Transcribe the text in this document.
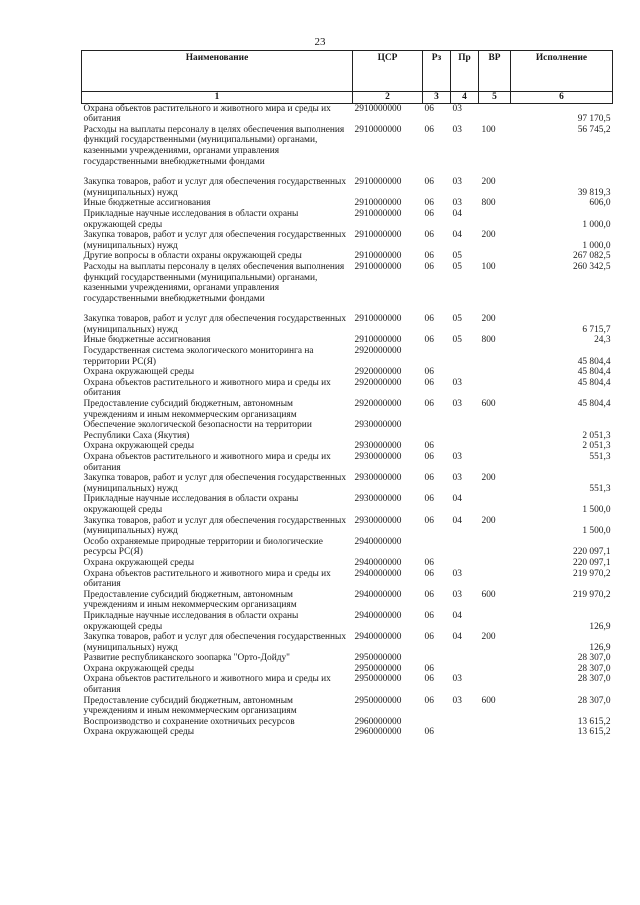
23
Наименование	ЦСР	Рз	Пр	ВР	Исполнение
1	2	3	4	5	6
Охрана объектов растительного и животного мира и среды их обитания	2910000000	06	03		97 170,5
Расходы на выплаты персоналу в целях обеспечения выполнения функций государственными (муниципальными) органами, казенными учреждениями, органами управления государственными внебюджетными фондами	2910000000	06	03	100	56 745,2

Закупка товаров, работ и услуг для обеспечения государственных (муниципальных) нужд	2910000000	06	03	200	39 819,3
Иные бюджетные ассигнования	2910000000	06	03	800	606,0
Прикладные научные исследования в области охраны окружающей среды	2910000000	06	04		1 000,0
Закупка товаров, работ и услуг для обеспечения государственных (муниципальных) нужд	2910000000	06	04	200	1 000,0
Другие вопросы в области охраны окружающей среды	2910000000	06	05		267 082,5
Расходы на выплаты персоналу в целях обеспечения выполнения функций государственными (муниципальными) органами, казенными учреждениями, органами управления государственными внебюджетными фондами	2910000000	06	05	100	260 342,5

Закупка товаров, работ и услуг для обеспечения государственных (муниципальных) нужд	2910000000	06	05	200	6 715,7
Иные бюджетные ассигнования	2910000000	06	05	800	24,3
Государственная система экологического мониторинга на территории РС(Я)	2920000000				45 804,4
Охрана окружающей среды	2920000000	06			45 804,4
Охрана объектов растительного и животного мира и среды их обитания	2920000000	06	03		45 804,4
Предоставление субсидий бюджетным, автономным учреждениям и иным некоммерческим организациям	2920000000	06	03	600	45 804,4
Обеспечение экологической безопасности на территории Республики Саха (Якутия)	2930000000				2 051,3
Охрана окружающей среды	2930000000	06			2 051,3
Охрана объектов растительного и животного мира и среды их обитания	2930000000	06	03		551,3
Закупка товаров, работ и услуг для обеспечения государственных (муниципальных) нужд	2930000000	06	03	200	551,3
Прикладные научные исследования в области охраны окружающей среды	2930000000	06	04		1 500,0
Закупка товаров, работ и услуг для обеспечения государственных (муниципальных) нужд	2930000000	06	04	200	1 500,0
Особо охраняемые природные территории и биологические ресурсы РС(Я)	2940000000				220 097,1
Охрана окружающей среды	2940000000	06			220 097,1
Охрана объектов растительного и животного мира и среды их обитания	2940000000	06	03		219 970,2
Предоставление субсидий бюджетным, автономным учреждениям и иным некоммерческим организациям	2940000000	06	03	600	219 970,2
Прикладные научные исследования в области охраны окружающей среды	2940000000	06	04		126,9
Закупка товаров, работ и услуг для обеспечения государственных (муниципальных) нужд	2940000000	06	04	200	126,9
Развитие республиканского зоопарка "Орто-Дойду"	2950000000				28 307,0
Охрана окружающей среды	2950000000	06			28 307,0
Охрана объектов растительного и животного мира и среды их обитания	2950000000	06	03		28 307,0
Предоставление субсидий бюджетным, автономным учреждениям и иным некоммерческим организациям	2950000000	06	03	600	28 307,0
Воспроизводство и сохранение охотничьих ресурсов	2960000000				13 615,2
Охрана окружающей среды	2960000000	06			13 615,2
